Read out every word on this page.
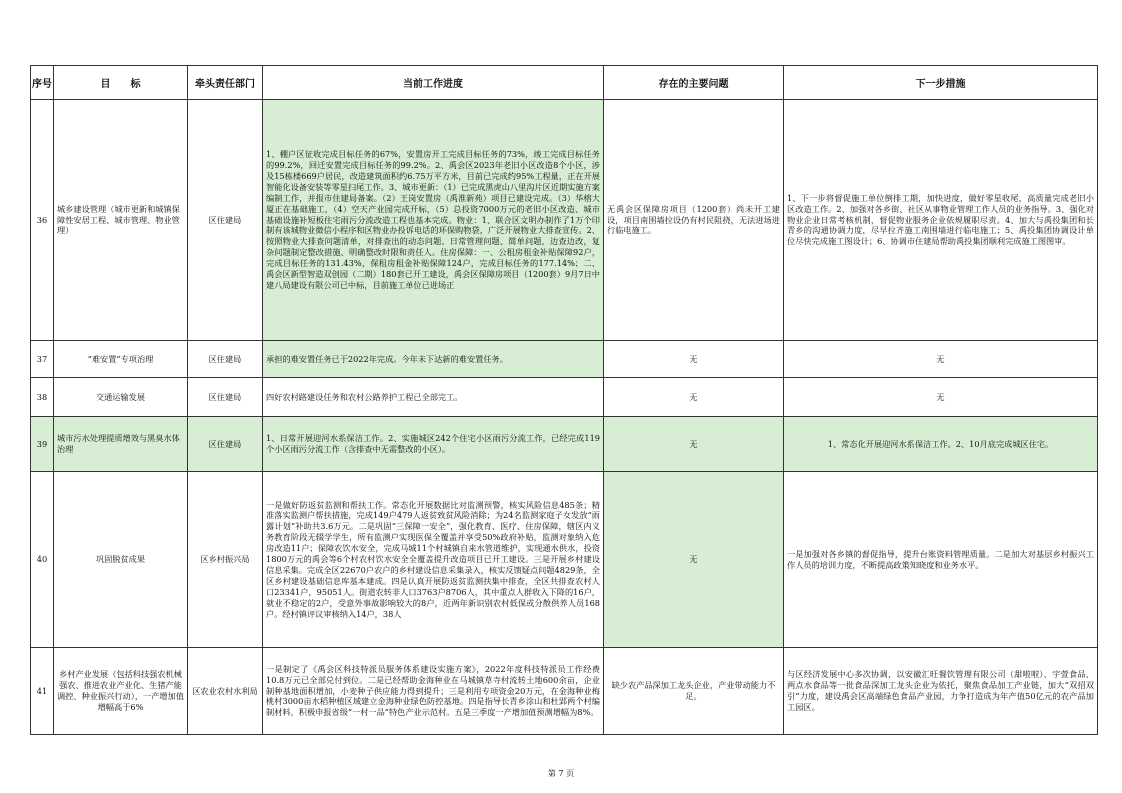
序号	目　　标	牵头责任部门	当前工作进度	存在的主要问题	下一步措施

36	城乡建设管理（城市更新和城镇保障性安居工程、城市管理、物业管理）	区住建局	1、棚户区征收完成目标任务的67%，安置房开工完成目标任务的73%，竣工完成目标任务的99.2%，回迁安置完成目标任务的99.2%。2、禹会区2023年老旧小区改造8个小区，涉及15栋楼669户居民，改造建筑面积约6.75万平方米，目前已完成约95%工程量，正在开展智能化设备安装等零星扫尾工作。3、城市更新：（1）已完成黑虎山八里沟片区近期实施方案编制工作，并报市住建局备案。（2）王岗安置房（禹淮新苑）项目已建设完成。（3）华榕大厦正在基础施工，（4）空天产业园完成开标，（5）总投资7000万元的老旧小区改造、城市基础设施补短板住宅雨污分流改造工程也基本完成。物业：1、联合区文明办制作了1万个印制有该城物业微信小程序和区物业办投诉电话的环保购物袋，广泛开展物业大排查宣传。2、按照物业大排查问题清单，对排查出的动态问题、日常管理问题、简单问题，边查边改，复杂问题制定整改措施、明确整改时限和责任人。住房保障：一、公租房租金补贴保障92户，完成目标任务的131.43%，保租房租金补贴保障124户，完成目标任务的177.14%；二、禹会区新型智造双创园（二期）180套已开工建设，禹会区保障房项目（1200套）9月7日中建八局建设有限公司已中标，目前施工单位已进场正	无禹会区保障房项目（1200套）尚未开工建设，项目南围墙拉设仍有村民阻挠，无法进场进行临电施工。	1、下一步将督促施工单位倒排工期，加快进度，做好零星收尾，高质量完成老旧小区改造工作。2、加强对各乡街、社区从事物业管理工作人员的业务指导。3、强化对物业企业日常考核机制，督促物业服务企业依规履职尽责。4、加大与禹投集团和长青乡的沟通协调力度，尽早拉齐施工南围墙进行临电施工；5、禹投集团协调设计单位尽快完成施工图设计；6、协调市住建局帮助禹投集团顺利完成施工图图审。

37	“难安置”专项治理	区住建局	承担的难安置任务已于2022年完成。今年未下达新的难安置任务。	无	无

38	交通运输发展	区住建局	四好农村路建设任务和农村公路养护工程已全部完工。	无	无

39	城市污水处理提质增效与黑臭水体治理	区住建局	1、日常开展迎河水系保洁工作。2、实施城区242个住宅小区雨污分流工作，已经完成119个小区雨污分流工作（含排查中无需整改的小区）。	无	1、常态化开展迎河水系保洁工作。2、10月底完成城区住宅。

40	巩固脱贫成果	区乡村振兴局	一是做好防返贫监测和帮扶工作。常态化开展数据比对监测预警，核实风险信息485条；精准落实监测户帮扶措施，完成149户479人返贫致贫风险消除；为24名监测家庭子女发放“雨露计划”补助共3.6万元。二是巩固“三保障一安全”，强化教育、医疗、住房保障，辖区内义务教育阶段无辍学学生，所有监测户实现医保全覆盖并享受50%政府补贴，监测对象纳入危房改造11户；保障农饮水安全，完成马城11个村城镇自来水管道维护，实现通水供水，投资1800万元的禹会等6个村农村饮水安全全覆盖提升改造项目已开工建设。三是开展乡村建设信息采集。完成全区22670户农户的乡村建设信息采集录入，核实反馈疑点问题4829条，全区乡村建设基础信息库基本建成。四是认真开展防返贫监测扶集中排查，全区共排查农村人口23341户，95051人。街道农转非人口3763户8706人，其中重点人群收入下降的16户，就业不稳定的2户，受意外事故影响较大的8户，近两年新识别农村低保或分散供养人员168户。经村镇评议审核纳入14户，38人	无	一是加强对各乡镇的督促指导，提升台账资料管理质量。二是加大对基层乡村振兴工作人员的培训力度，不断提高政策知晓度和业务水平。

41	乡村产业发展（包括科技强农机械强农、推进农业产业化、生猪产能调控、种业振兴行动），一产增加值增幅高于6%	区农业农村水利局	一是制定了《禹会区科技特派员服务体系建设实施方案》，2022年度科技特派员工作经费10.8万元已全部兑付到位。二是已经帮助金海种业在马城镇草寺村流转土地600余亩，企业制种基地面积增加，小麦种子供应能力得到提升；三是利用专项资金20万元，在金海种业梅桃村3000亩水稻种植区域建立金海种业绿色防控基地。四是指导长青乡涂山和杜郢两个村编制材料，积极申报省级“一村一品”特色产业示范村。五是三季度一产增加值预测增幅为8%。	缺少农产品深加工龙头企业，产业带动能力不足。	与区经济发展中心多次协调，以安徽汇旺餐饮管理有限公司（甜啦啦）、宇萱食品、两点水食品等一批食品深加工龙头企业为依托，聚焦食品加工产业链，加大“双招双引”力度，建设禹会区高端绿色食品产业园，力争打造成为年产值50亿元的农产品加工园区。
第 7 页
